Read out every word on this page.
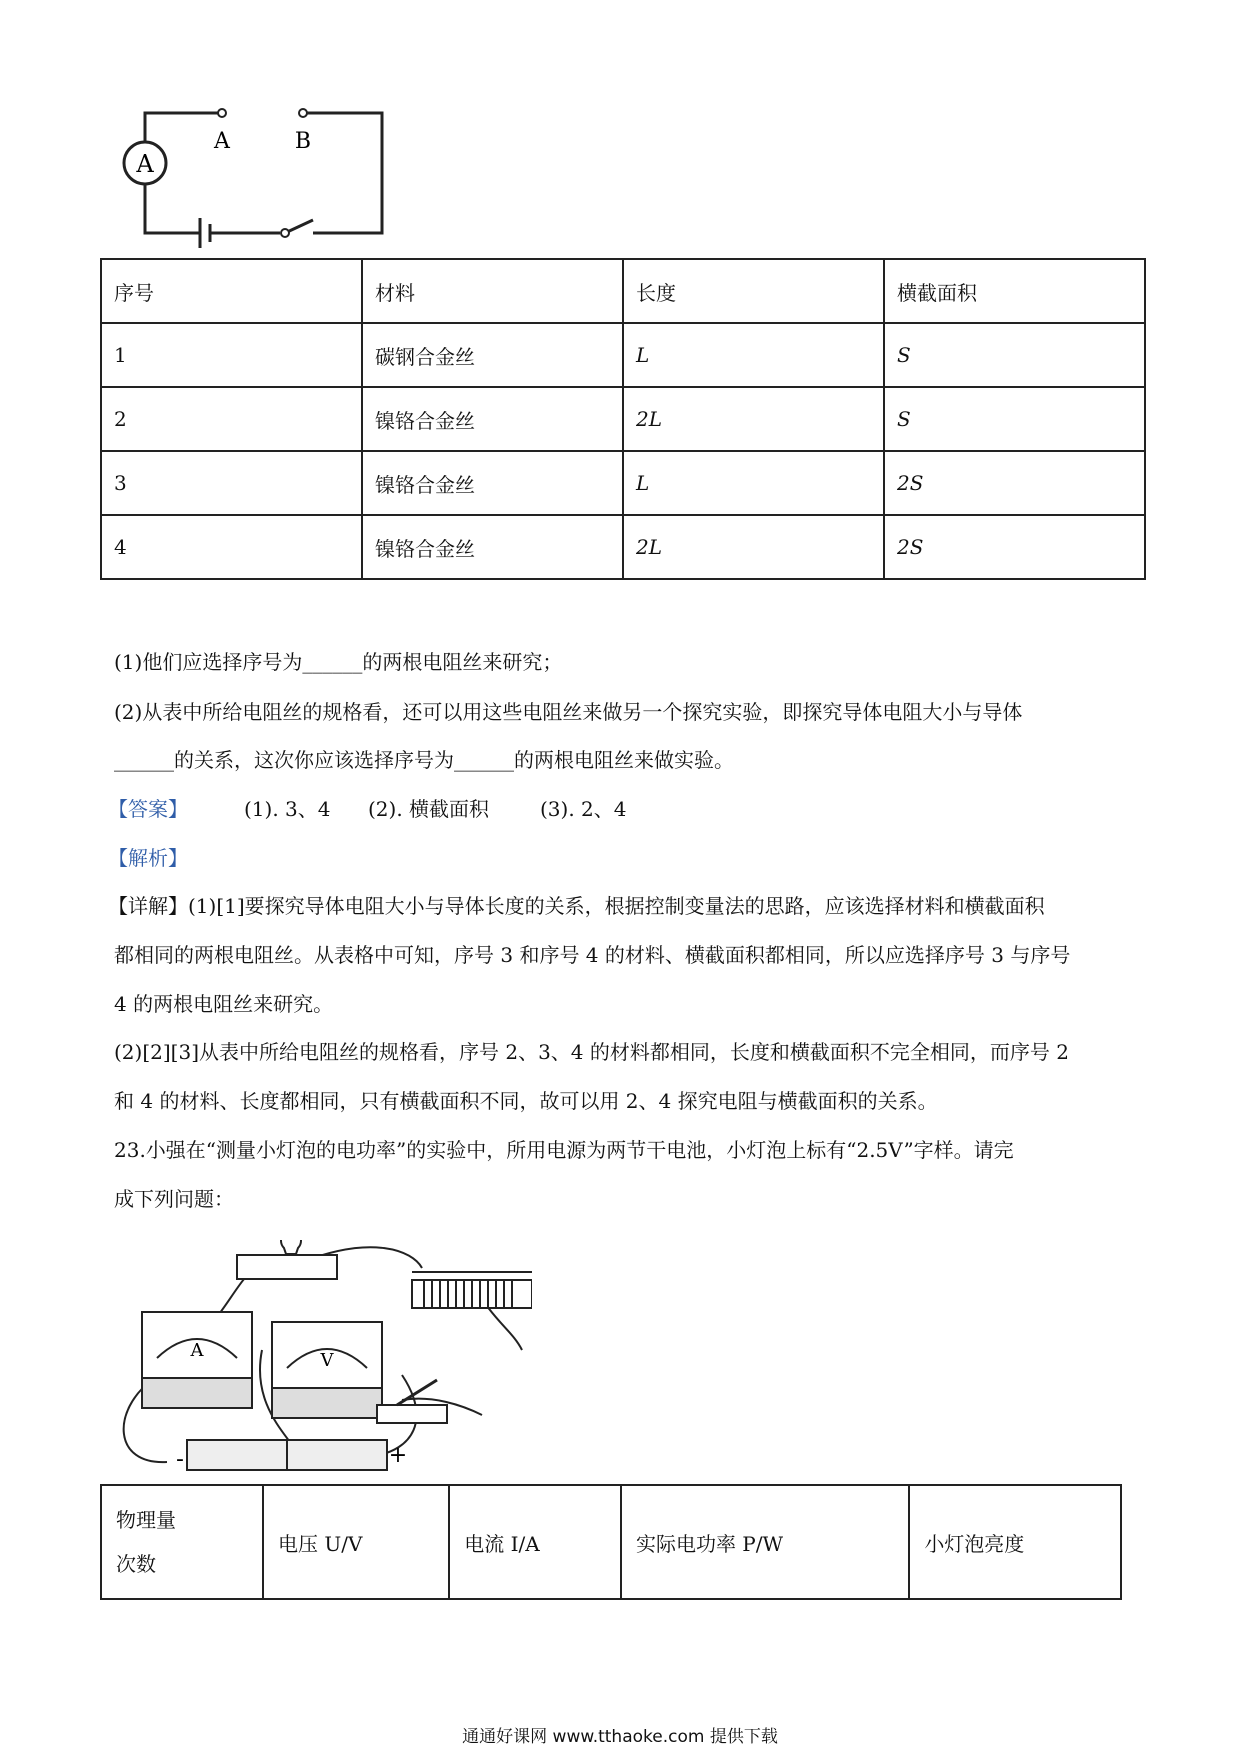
A
A	B
序号	材料	长度	横截面积
1	碳钢合金丝	L	S
2	镍铬合金丝	2L	S
3	镍铬合金丝	L	2S
4	镍铬合金丝	2L	2S
(1)他们应选择序号为______的两根电阻丝来研究；
(2)从表中所给电阻丝的规格看，还可以用这些电阻丝来做另一个探究实验，即探究导体电阻大小与导体
______的关系，这次你应该选择序号为______的两根电阻丝来做实验。
【答案】	(1). 3、4 (2). 横截面积	(3). 2、4
【解析】
【详解】(1)[1]要探究导体电阻大小与导体长度的关系，根据控制变量法的思路，应该选择材料和横截面积
都相同的两根电阻丝。从表格中可知，序号 3 和序号 4 的材料、横截面积都相同，所以应选择序号 3 与序号
4 的两根电阻丝来研究。
(2)[2][3]从表中所给电阻丝的规格看，序号 2、3、4 的材料都相同，长度和横截面积不完全相同，而序号 2
和 4 的材料、长度都相同，只有横截面积不同，故可以用 2、4 探究电阻与横截面积的关系。
23.小强在“测量小灯泡的电功率”的实验中，所用电源为两节干电池，小灯泡上标有“2.5V”字样。请完
成下列问题：
A	V
-	+
物理量
次数
	电压 U/V	电流 I/A	实际电功率 P/W	小灯泡亮度
通通好课网 www.tthaoke.com 提供下载
